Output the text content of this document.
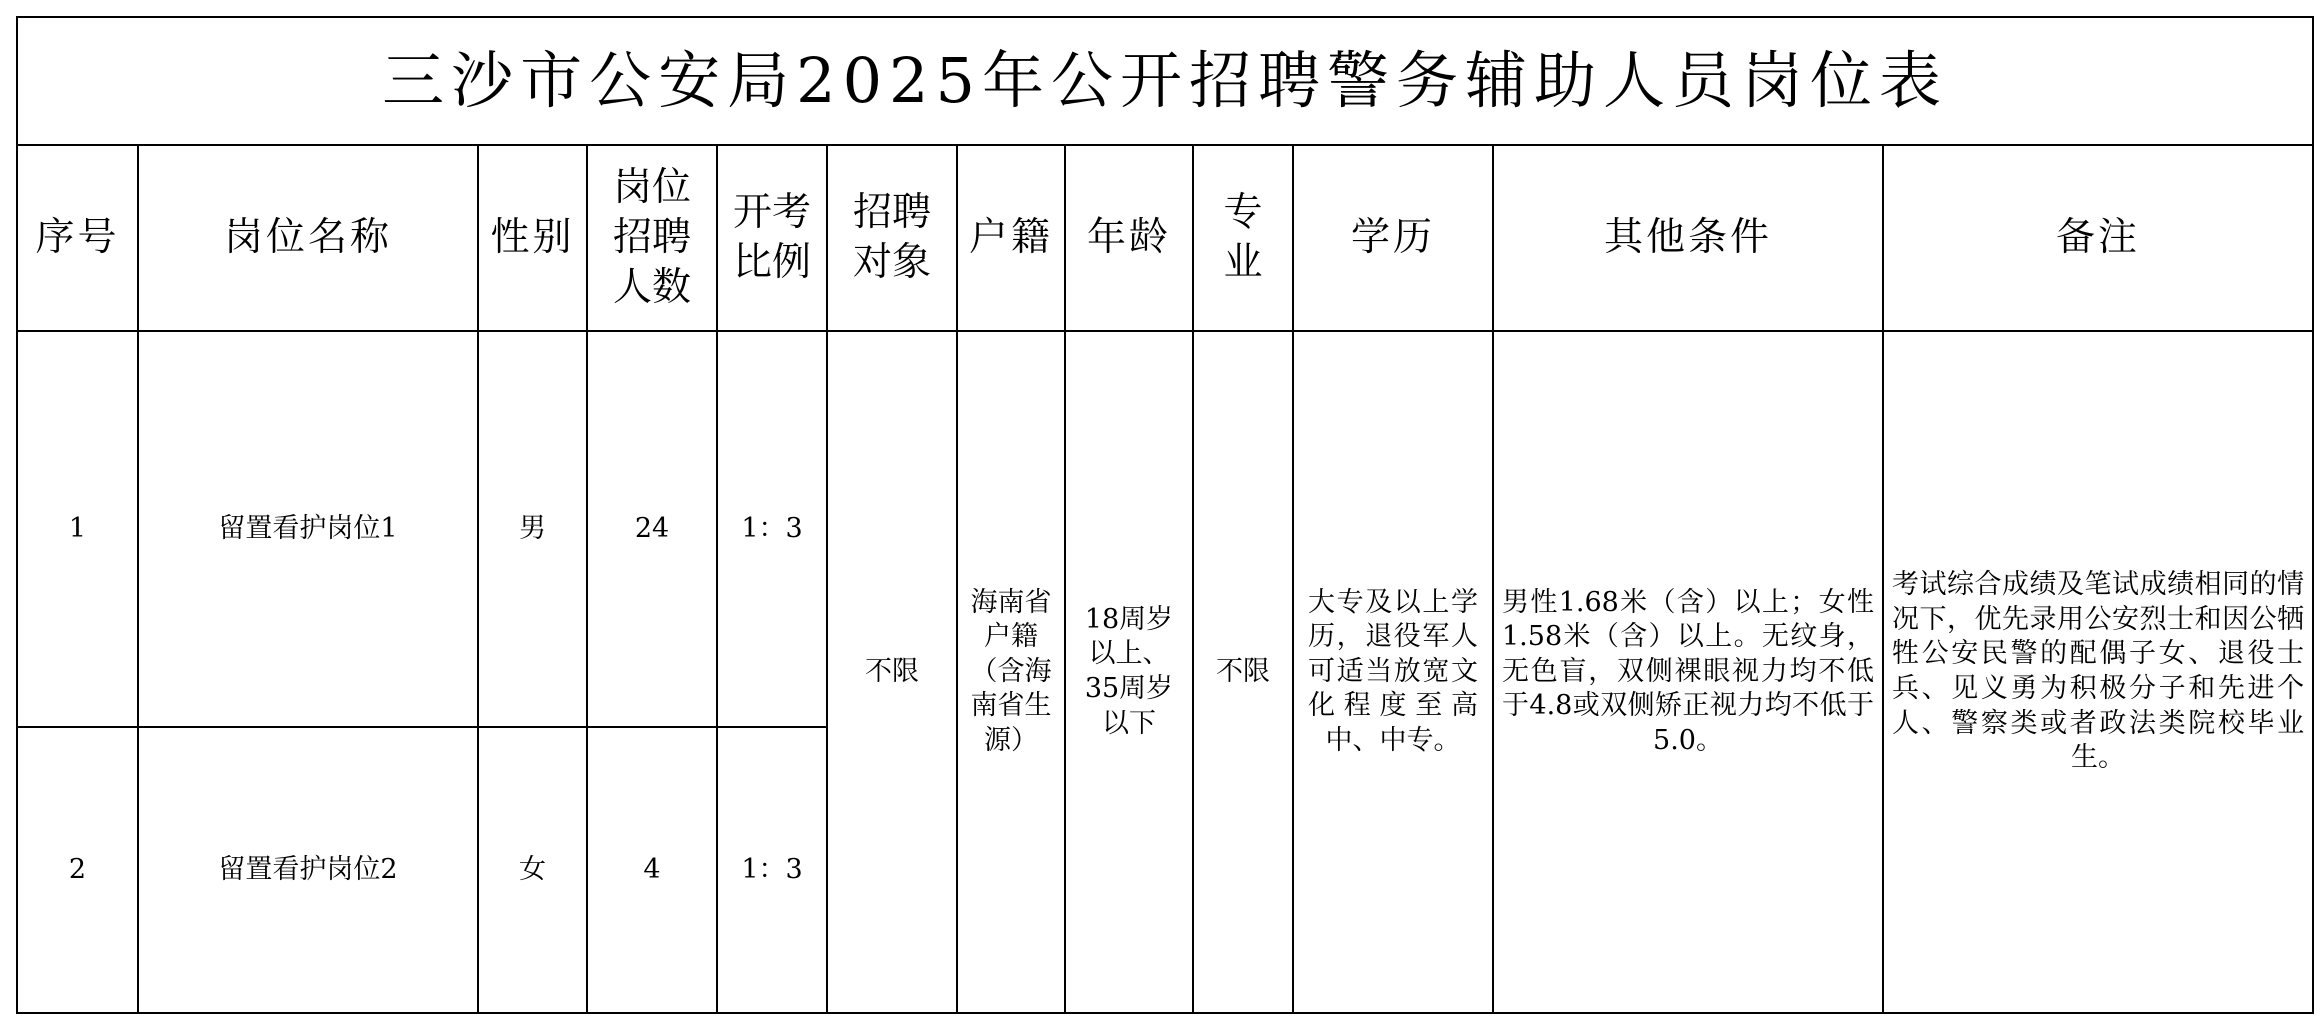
三沙市公安局2025年公开招聘警务辅助人员岗位表											
序号	岗位名称	性别	岗位招聘人数	开考比例	招聘对象	户籍	年龄	专业	学历	其他条件	备注
1	留置看护岗位1	男	24	1：3	不限	海南省户籍（含海南省生源）	18周岁以上、35周岁以下	不限	大专及以上学历，退役军人可适当放宽文化程度至高中、中专。	男性1.68米（含）以上；女性1.58米（含）以上。无纹身，无色盲，双侧裸眼视力均不低于4.8或双侧矫正视力均不低于5.0。	考试综合成绩及笔试成绩相同的情况下，优先录用公安烈士和因公牺牲公安民警的配偶子女、退役士兵、见义勇为积极分子和先进个人、警察类或者政法类院校毕业生。

2	留置看护岗位2	女	4	1：3							
